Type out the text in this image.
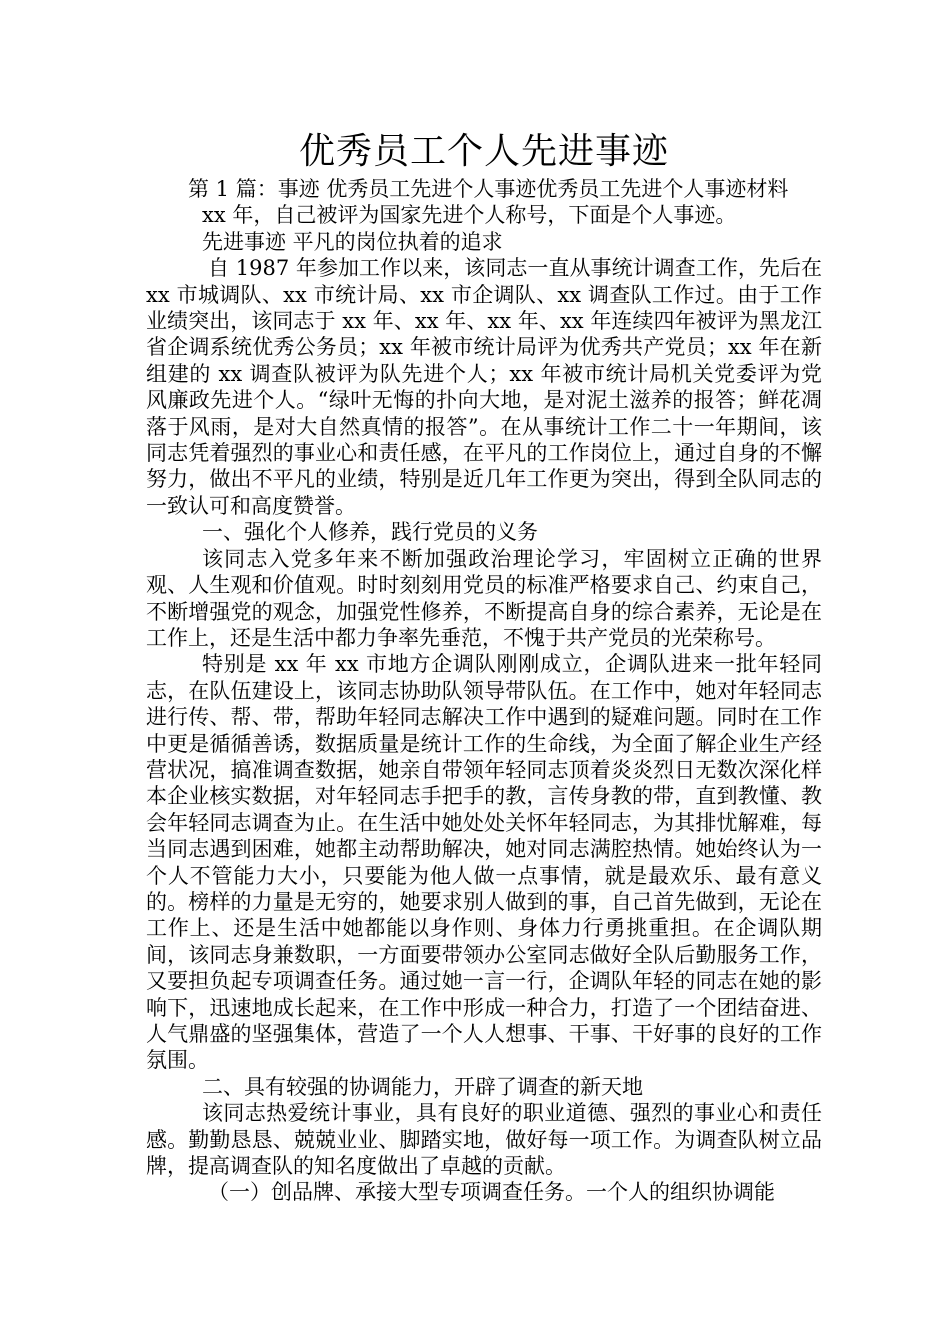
优秀员工个人先进事迹

第 1 篇：事迹 优秀员工先进个人事迹优秀员工先进个人事迹材料

xx 年，自己被评为国家先进个人称号，下面是个人事迹。

先进事迹 平凡的岗位执着的追求

自 1987 年参加工作以来，该同志一直从事统计调查工作，先后在 xx 市城调队、xx 市统计局、xx 市企调队、xx 调查队工作过。由于工作业绩突出，该同志于 xx 年、xx 年、xx 年、xx 年连续四年被评为黑龙江省企调系统优秀公务员；xx 年被市统计局评为优秀共产党员；xx 年在新组建的 xx 调查队被评为队先进个人；xx 年被市统计局机关党委评为党风廉政先进个人。“绿叶无悔的扑向大地，是对泥土滋养的报答；鲜花凋落于风雨，是对大自然真情的报答”。在从事统计工作二十一年期间，该同志凭着强烈的事业心和责任感，在平凡的工作岗位上，通过自身的不懈努力，做出不平凡的业绩，特别是近几年工作更为突出，得到全队同志的一致认可和高度赞誉。

一、强化个人修养，践行党员的义务

该同志入党多年来不断加强政治理论学习，牢固树立正确的世界观、人生观和价值观。时时刻刻用党员的标准严格要求自己、约束自己，不断增强党的观念，加强党性修养，不断提高自身的综合素养，无论是在工作上，还是生活中都力争率先垂范，不愧于共产党员的光荣称号。

特别是 xx 年 xx 市地方企调队刚刚成立，企调队进来一批年轻同志，在队伍建设上，该同志协助队领导带队伍。在工作中，她对年轻同志进行传、帮、带，帮助年轻同志解决工作中遇到的疑难问题。同时在工作中更是循循善诱，数据质量是统计工作的生命线，为全面了解企业生产经营状况，搞准调查数据，她亲自带领年轻同志顶着炎炎烈日无数次深化样本企业核实数据，对年轻同志手把手的教，言传身教的带，直到教懂、教会年轻同志调查为止。在生活中她处处关怀年轻同志，为其排忧解难，每当同志遇到困难，她都主动帮助解决，她对同志满腔热情。她始终认为一个人不管能力大小，只要能为他人做一点事情，就是最欢乐、最有意义的。榜样的力量是无穷的，她要求别人做到的事，自己首先做到，无论在工作上、还是生活中她都能以身作则、身体力行勇挑重担。在企调队期间，该同志身兼数职，一方面要带领办公室同志做好全队后勤服务工作，又要担负起专项调查任务。通过她一言一行，企调队年轻的同志在她的影响下，迅速地成长起来，在工作中形成一种合力，打造了一个团结奋进、人气鼎盛的坚强集体，营造了一个人人想事、干事、干好事的良好的工作氛围。

二、具有较强的协调能力，开辟了调查的新天地

该同志热爱统计事业，具有良好的职业道德、强烈的事业心和责任感。勤勤恳恳、兢兢业业、脚踏实地，做好每一项工作。为调查队树立品牌，提高调查队的知名度做出了卓越的贡献。

（一）创品牌、承接大型专项调查任务。一个人的组织协调能
